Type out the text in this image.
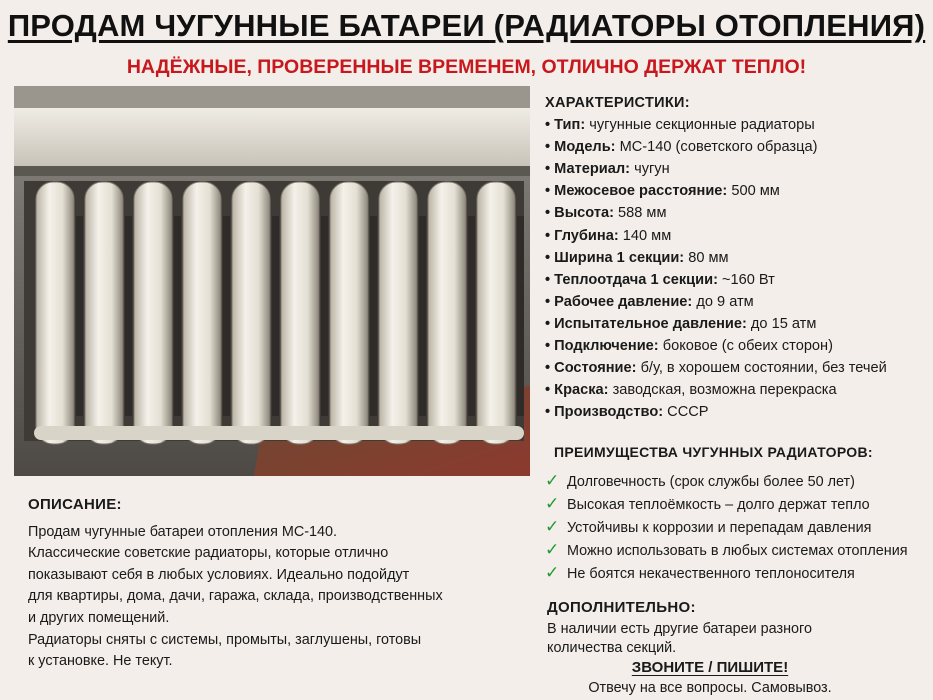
ПРОДАМ ЧУГУННЫЕ БАТАРЕИ (РАДИАТОРЫ ОТОПЛЕНИЯ)
НАДЁЖНЫЕ, ПРОВЕРЕННЫЕ ВРЕМЕНЕМ, ОТЛИЧНО ДЕРЖАТ ТЕПЛО!
ХАРАКТЕРИСТИКИ:
• Тип: чугунные секционные радиаторы
• Модель: МС-140 (советского образца)
• Материал: чугун
• Межосевое расстояние: 500 мм
• Высота: 588 мм
• Глубина: 140 мм
• Ширина 1 секции: 80 мм
• Теплоотдача 1 секции: ~160 Вт
• Рабочее давление: до 9 атм
• Испытательное давление: до 15 атм
• Подключение: боковое (с обеих сторон)
• Состояние: б/у, в хорошем состоянии, без течей
• Краска: заводская, возможна перекраска
• Производство: СССР
ПРЕИМУЩЕСТВА ЧУГУННЫХ РАДИАТОРОВ:
✓ Долговечность (срок службы более 50 лет)
✓ Высокая теплоёмкость – долго держат тепло
✓ Устойчивы к коррозии и перепадам давления
✓ Можно использовать в любых системах отопления
✓ Не боятся некачественного теплоносителя
ОПИСАНИЕ:
Продам чугунные батареи отопления МС-140.
Классические советские радиаторы, которые отлично
показывают себя в любых условиях. Идеально подойдут
для квартиры, дома, дачи, гаража, склада, производственных
и других помещений.
Радиаторы сняты с системы, промыты, заглушены, готовы
к установке. Не текут.
ДОПОЛНИТЕЛЬНО:
В наличии есть другие батареи разного
количества секций.
ЗВОНИТЕ / ПИШИТЕ!
Отвечу на все вопросы. Самовывоз.
